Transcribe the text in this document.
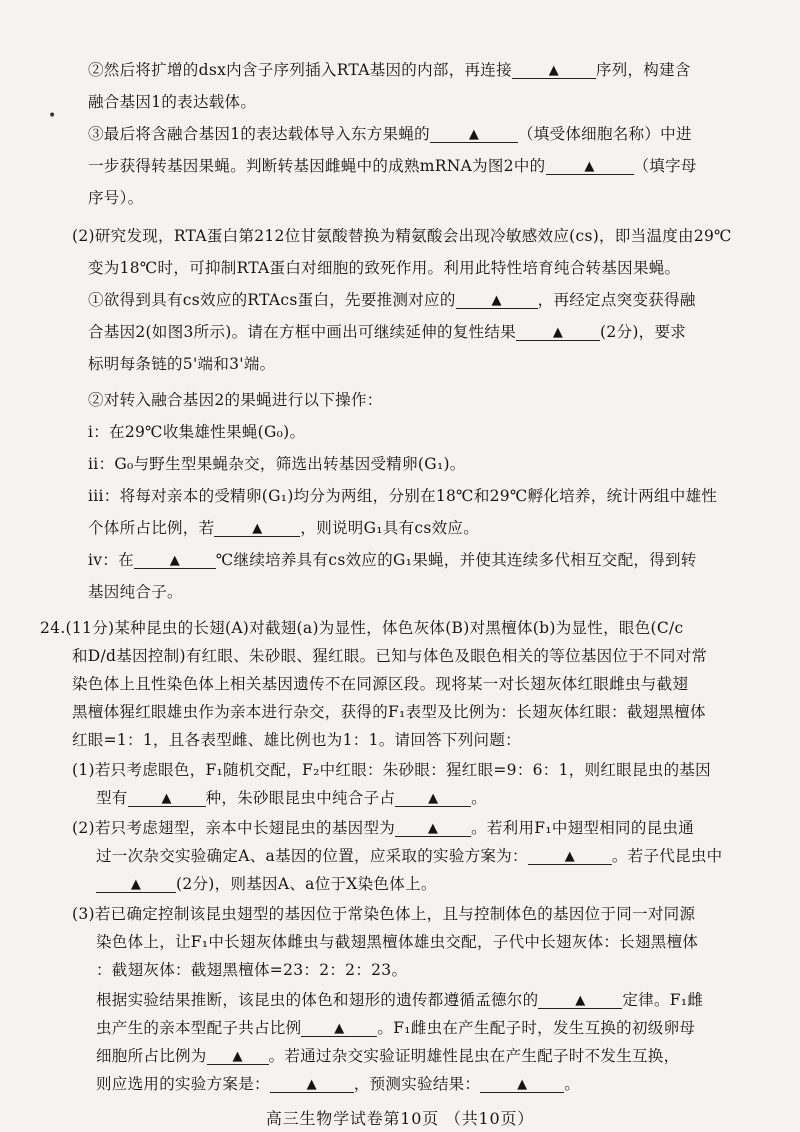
•
②然后将扩增的dsx内含子序列插入RTA基因的内部，再连接	▲ 序列，构建含
融合基因1的表达载体。
③最后将含融合基因1的表达载体导入东方果蝇的	▲	（填受体细胞名称）中进
一步获得转基因果蝇。判断转基因雌蝇中的成熟mRNA为图2中的	▲	（填字母
序号）。
(2)研究发现，RTA蛋白第212位甘氨酸替换为精氨酸会出现冷敏感效应(cs)，即当温度由29℃
变为18℃时，可抑制RTA蛋白对细胞的致死作用。利用此特性培育纯合转基因果蝇。
①欲得到具有cs效应的RTAcs蛋白，先要推测对应的	▲ ，再经定点突变获得融
合基因2(如图3所示)。请在方框中画出可继续延伸的复性结果	▲ (2分)，要求
标明每条链的5'端和3'端。
②对转入融合基因2的果蝇进行以下操作：
i：在29℃收集雄性果蝇(G₀)。
ii：G₀与野生型果蝇杂交，筛选出转基因受精卵(G₁)。
iii：将每对亲本的受精卵(G₁)均分为两组，分别在18℃和29℃孵化培养，统计两组中雄性
个体所占比例，若	▲ ，则说明G₁具有cs效应。
iv：在	▲ ℃继续培养具有cs效应的G₁果蝇，并使其连续多代相互交配，得到转
基因纯合子。
24.(11分)某种昆虫的长翅(A)对截翅(a)为显性，体色灰体(B)对黑檀体(b)为显性，眼色(C/c
和D/d基因控制)有红眼、朱砂眼、猩红眼。已知与体色及眼色相关的等位基因位于不同对常
染色体上且性染色体上相关基因遗传不在同源区段。现将某一对长翅灰体红眼雌虫与截翅
黑檀体猩红眼雄虫作为亲本进行杂交，获得的F₁表型及比例为：长翅灰体红眼：截翅黑檀体
红眼=1：1，且各表型雌、雄比例也为1：1。请回答下列问题：
(1)若只考虑眼色，F₁随机交配，F₂中红眼：朱砂眼：猩红眼=9：6：1，则红眼昆虫的基因
型有	▲ 种，朱砂眼昆虫中纯合子占	▲ 。
(2)若只考虑翅型，亲本中长翅昆虫的基因型为	▲ 。若利用F₁中翅型相同的昆虫通
过一次杂交实验确定A、a基因的位置，应采取的实验方案为：	▲ 。若子代昆虫中
▲ (2分)，则基因A、a位于X染色体上。
(3)若已确定控制该昆虫翅型的基因位于常染色体上，且与控制体色的基因位于同一对同源
染色体上，让F₁中长翅灰体雌虫与截翅黑檀体雄虫交配，子代中长翅灰体：长翅黑檀体
：截翅灰体：截翅黑檀体=23：2：2：23。
根据实验结果推断，该昆虫的体色和翅形的遗传都遵循孟德尔的	▲ 定律。F₁雌
虫产生的亲本型配子共占比例	▲ 。F₁雌虫在产生配子时，发生互换的初级卵母
细胞所占比例为 ▲ 。若通过杂交实验证明雄性昆虫在产生配子时不发生互换，
则应选用的实验方案是：	▲ ，预测实验结果：	▲ 。
高三生物学试卷第10页 （共10页）
